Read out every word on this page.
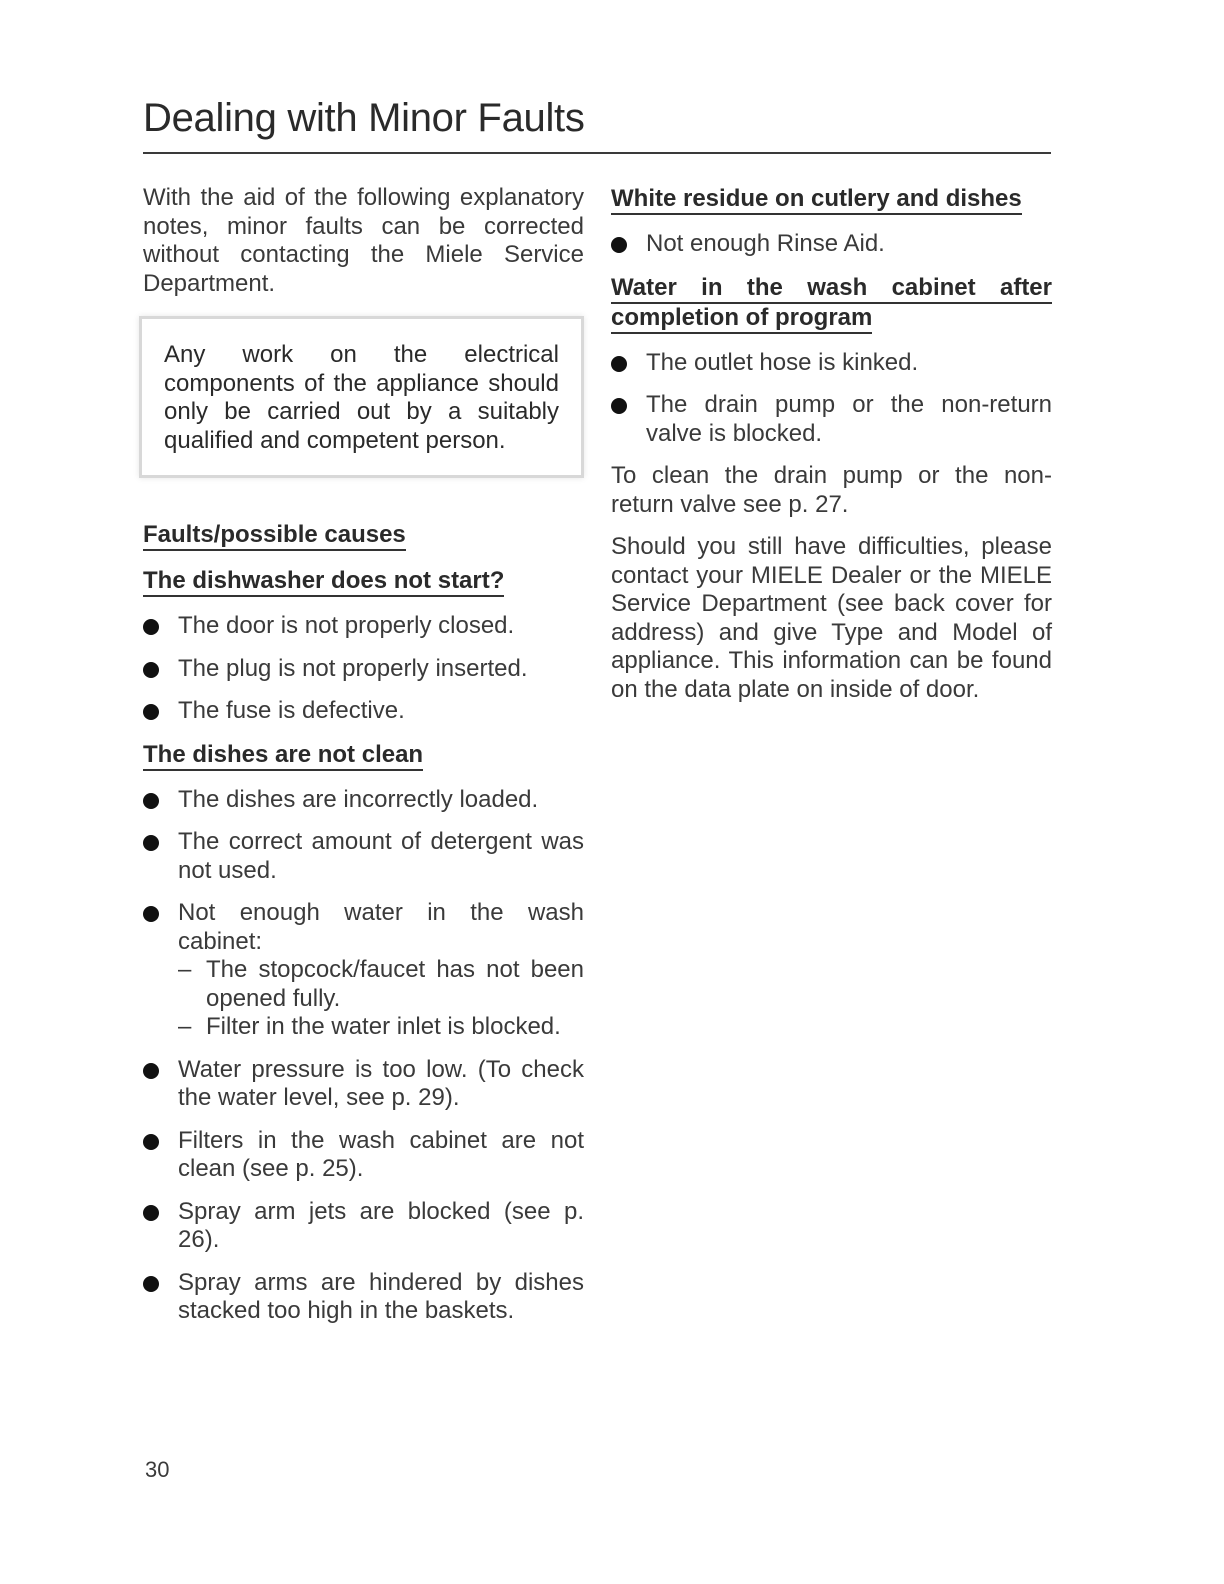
Dealing with Minor Faults

With the aid of the following explanatory notes, minor faults can be corrected without contacting the Miele Service Department.

Any work on the electrical components of the appliance should only be carried out by a suitably qualified and competent person.

Faults/possible causes
The dishwasher does not start?
The door is not properly closed.
The plug is not properly inserted.
The fuse is defective.
The dishes are not clean
The dishes are incorrectly loaded.
The correct amount of detergent was not used.
Not enough water in the wash cabinet:
– The stopcock/faucet has not been opened fully.
– Filter in the water inlet is blocked.
Water pressure is too low. (To check the water level, see p. 29).
Filters in the wash cabinet are not clean (see p. 25).
Spray arm jets are blocked (see p. 26).
Spray arms are hindered by dishes stacked too high in the baskets.
White residue on cutlery and dishes
Not enough Rinse Aid.
Water in the wash cabinet after completion of program
The outlet hose is kinked.
The drain pump or the non-return valve is blocked.

To clean the drain pump or the non-return valve see p. 27.

Should you still have difficulties, please contact your MIELE Dealer or the MIELE Service Department (see back cover for address) and give Type and Model of appliance. This information can be found on the data plate on inside of door.

30
